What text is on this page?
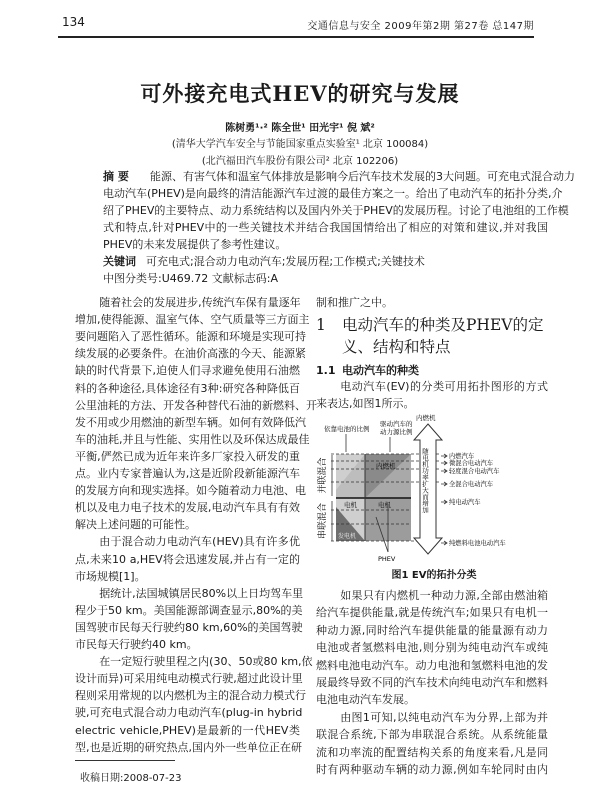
134	交通信息与安全 2009年第2期 第27卷 总147期
可外接充电式HEV的研究与发展
陈树勇¹·² 陈全世¹ 田光宇¹ 倪 斌²
(清华大学汽车安全与节能国家重点实验室¹ 北京 100084)
(北汽福田汽车股份有限公司² 北京 102206)
摘 要 能源、有害气体和温室气体排放是影响今后汽车技术发展的3大问题。可充电式混合动力
电动汽车(PHEV)是向最终的清洁能源汽车过渡的最佳方案之一。给出了电动汽车的拓扑分类,介
绍了PHEV的主要特点、动力系统结构以及国内外关于PHEV的发展历程。讨论了电池组的工作模
式和特点,针对PHEV中的一些关键技术并结合我国国情给出了相应的对策和建议,并对我国
PHEV的未来发展提供了参考性建议。
关键词 可充电式;混合动力电动汽车;发展历程;工作模式;关键技术
中图分类号:U469.72 文献标志码:A
随着社会的发展进步,传统汽车保有量逐年
增加,使得能源、温室气体、空气质量等三方面主
要问题陷入了恶性循环。能源和环境是实现可持
续发展的必要条件。在油价高涨的今天、能源紧
缺的时代背景下,迫使人们寻求避免使用石油燃
料的各种途径,具体途径有3种:研究各种降低百
公里油耗的方法、开发各种替代石油的新燃料、开
发不用或少用燃油的新型车辆。如何有效降低汽
车的油耗,并且与性能、实用性以及环保达成最佳
平衡,俨然已成为近年来许多厂家投入研发的重
点。业内专家普遍认为,这是近阶段新能源汽车
的发展方向和现实选择。如今随着动力电池、电
机以及电力电子技术的发展,电动汽车具有有效
解决上述问题的可能性。
由于混合动力电动汽车(HEV)具有许多优
点,未来10 a,HEV将会迅速发展,并占有一定的
市场规模[1]。
据统计,法国城镇居民80%以上日均驾车里
程少于50 km。美国能源部调查显示,80%的美
国驾驶市民每天行驶约80 km,60%的美国驾驶
市民每天行驶约40 km。
在一定短行驶里程之内(30、50或80 km,依
设计而异)可采用纯电动模式行驶,超过此设计里
程则采用常规的以内燃机为主的混合动力模式行
驶,可充电式混合动力电动汽车(plug-in hybrid
electric vehicle,PHEV)是最新的一代HEV类
型,也是近期的研究热点,国内外一些单位正在研
收稿日期:2008-07-23
制和推广之中。
1 电动汽车的种类及PHEV的定
义、结构和特点
1.1 电动汽车的种类
电动汽车(EV)的分类可用拓扑图形的方式
来表达,如图1所示。
并联混合
串联混合
内燃机
电机	电机
发电机
依靠电池的比例
驱动汽车的
动力源比例
内燃机
随电机功率扩大而增加
PHEV
内燃汽车
微混合电动汽车
轻度混合电动汽车
全混合电动汽车
纯电动汽车
纯燃料电池电动汽车
图1 EV的拓扑分类
如果只有内燃机一种动力源,全部由燃油箱
给汽车提供能量,就是传统汽车;如果只有电机一
种动力源,同时给汽车提供能量的能量源有动力
电池或者氢燃料电池,则分别为纯电动汽车或纯
燃料电池电动汽车。动力电池和氢燃料电池的发
展最终导致不同的汽车技术向纯电动汽车和燃料
电池电动汽车发展。
由图1可知,以纯电动汽车为分界,上部为并
联混合系统,下部为串联混合系统。从系统能量
流和功率流的配置结构关系的角度来看,凡是同
时有两种驱动车辆的动力源,例如车轮同时由内
